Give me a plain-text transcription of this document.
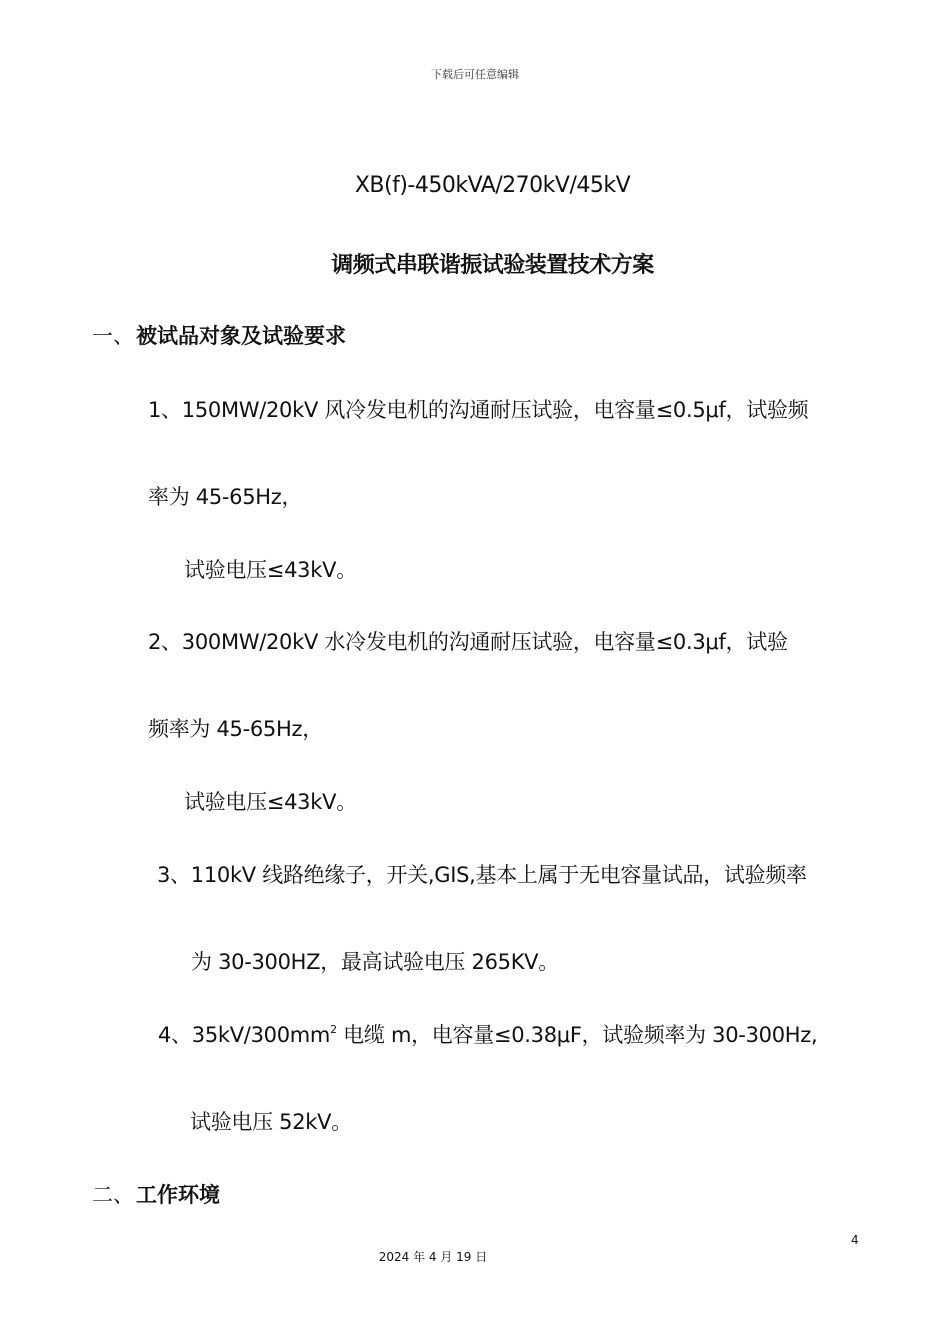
下载后可任意编辑
XB(f)-450kVA/270kV/45kV
调频式串联谐振试验装置技术方案
一、被试品对象及试验要求
1、150MW/20kV 风冷发电机的沟通耐压试验，电容量≤0.5μf，试验频
率为 45-65Hz，
试验电压≤43kV。
2、300MW/20kV 水冷发电机的沟通耐压试验，电容量≤0.3μf，试验
频率为 45-65Hz，
试验电压≤43kV。
3、110kV 线路绝缘子，开关,GIS,基本上属于无电容量试品，试验频率
为 30-300HZ，最高试验电压 265KV。
4、$35kV/300mm^2$ 电缆 m，电容量≤0.38μF，试验频率为 30-300Hz,
试验电压 52kV。
二、工作环境
4
2024 年 4 月 19 日
